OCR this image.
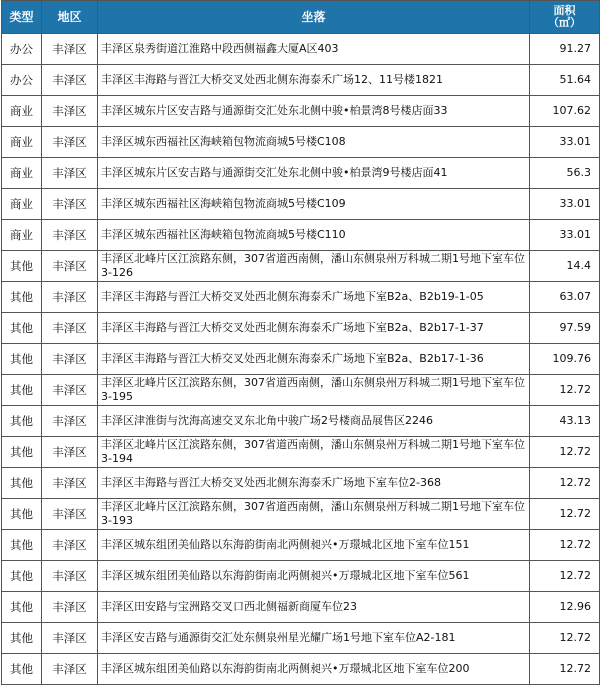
类型	地区	坐落	面积
（㎡）

办公	丰泽区	丰泽区泉秀街道江淮路中段西侧福鑫大厦A区403	91.27
办公	丰泽区	丰泽区丰海路与晋江大桥交叉处西北侧东海泰禾广场12、11号楼1821	51.64
商业	丰泽区	丰泽区城东片区安吉路与通源街交汇处东北侧中骏•柏景湾8号楼店面33	107.62
商业	丰泽区	丰泽区城东西福社区海峡箱包物流商城5号楼C108	33.01
商业	丰泽区	丰泽区城东片区安吉路与通源街交汇处东北侧中骏•柏景湾9号楼店面41	56.3
商业	丰泽区	丰泽区城东西福社区海峡箱包物流商城5号楼C109	33.01
商业	丰泽区	丰泽区城东西福社区海峡箱包物流商城5号楼C110	33.01
其他	丰泽区	丰泽区北峰片区江滨路东侧，307省道西南侧，潘山东侧泉州万科城二期1号地下室车位3-126	14.4
其他	丰泽区	丰泽区丰海路与晋江大桥交叉处西北侧东海泰禾广场地下室B2a、B2b19-1-05	63.07
其他	丰泽区	丰泽区丰海路与晋江大桥交叉处西北侧东海泰禾广场地下室B2a、B2b17-1-37	97.59
其他	丰泽区	丰泽区丰海路与晋江大桥交叉处西北侧东海泰禾广场地下室B2a、B2b17-1-36	109.76
其他	丰泽区	丰泽区北峰片区江滨路东侧，307省道西南侧，潘山东侧泉州万科城二期1号地下室车位3-195	12.72
其他	丰泽区	丰泽区津淮街与沈海高速交叉东北角中骏广场2号楼商品展售区2246	43.13
其他	丰泽区	丰泽区北峰片区江滨路东侧，307省道西南侧，潘山东侧泉州万科城二期1号地下室车位3-194	12.72
其他	丰泽区	丰泽区丰海路与晋江大桥交叉处西北侧东海泰禾广场地下室车位2-368	12.72
其他	丰泽区	丰泽区北峰片区江滨路东侧，307省道西南侧，潘山东侧泉州万科城二期1号地下室车位3-193	12.72
其他	丰泽区	丰泽区城东组团美仙路以东海韵街南北两侧昶兴•万璟城北区地下室车位151	12.72
其他	丰泽区	丰泽区城东组团美仙路以东海韵街南北两侧昶兴•万璟城北区地下室车位561	12.72
其他	丰泽区	丰泽区田安路与宝洲路交叉口西北侧福新商厦车位23	12.96
其他	丰泽区	丰泽区安吉路与通源街交汇处东侧泉州星光耀广场1号地下室车位A2-181	12.72
其他	丰泽区	丰泽区城东组团美仙路以东海韵街南北两侧昶兴•万璟城北区地下室车位200	12.72
